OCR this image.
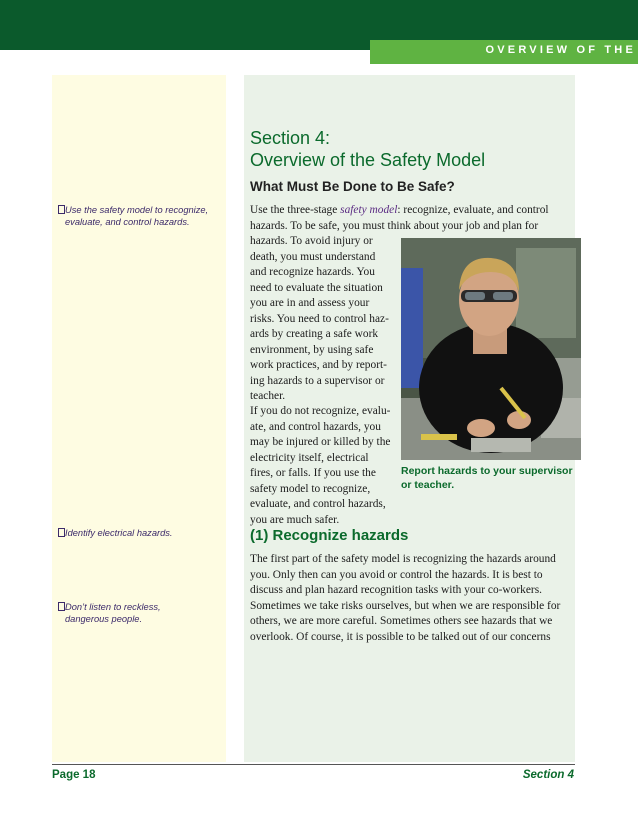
OVERVIEW OF THE
Use the safety model to recognize,
evaluate, and control hazards.
Identify electrical hazards.
Don’t listen to reckless,
dangerous people.
Section 4:
Overview of the Safety Model
What Must Be Done to Be Safe?
Use the three-stage safety model: recognize, evaluate, and control
hazards. To be safe, you must think about your job and plan for
hazards. To avoid injury or
death, you must understand
and recognize hazards. You
need to evaluate the situation
you are in and assess your
risks. You need to control haz-
ards by creating a safe work
environment, by using safe
work practices, and by report-
ing hazards to a supervisor or
teacher.
If you do not recognize, evalu-
ate, and control hazards, you
may be injured or killed by the
electricity itself, electrical
fires, or falls. If you use the
safety model to recognize,
evaluate, and control hazards,
you are much safer.
Report hazards to your supervisor
or teacher.
(1) Recognize hazards
The first part of the safety model is recognizing the hazards around
you. Only then can you avoid or control the hazards. It is best to
discuss and plan hazard recognition tasks with your co-workers.
Sometimes we take risks ourselves, but when we are responsible for
others, we are more careful. Sometimes others see hazards that we
overlook. Of course, it is possible to be talked out of our concerns
Page 18	Section 4
